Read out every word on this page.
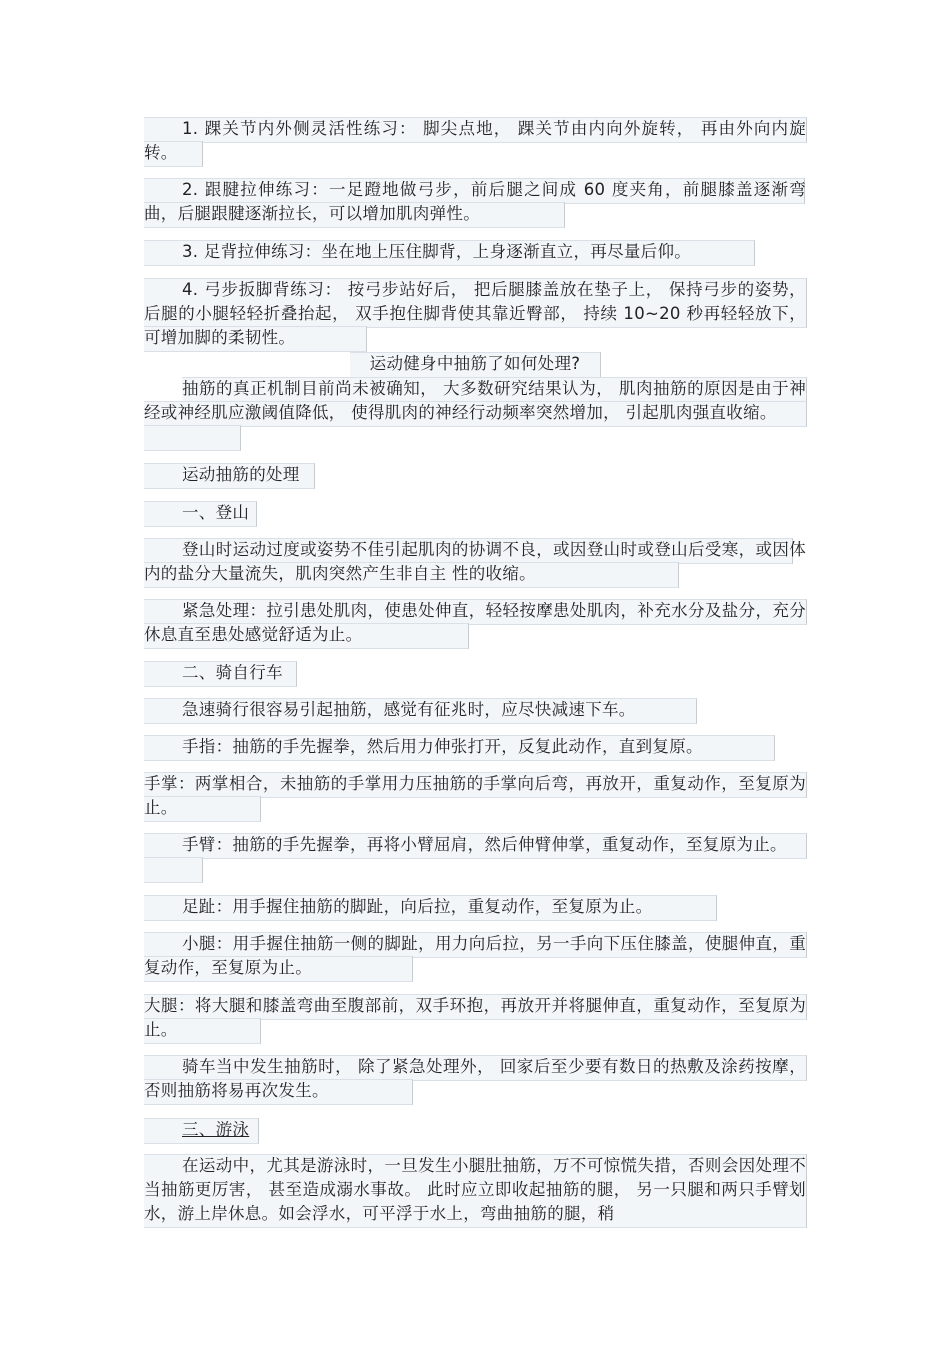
1. 踝关节内外侧灵活性练习： 脚尖点地， 踝关节由内向外旋转， 再由外向内旋转。
2. 跟腱拉伸练习：一足蹬地做弓步，前后腿之间成 60 度夹角，前腿膝盖逐渐弯曲，后腿跟腱逐渐拉长，可以增加肌肉弹性。
3. 足背拉伸练习：坐在地上压住脚背，上身逐渐直立，再尽量后仰。
4. 弓步扳脚背练习： 按弓步站好后， 把后腿膝盖放在垫子上， 保持弓步的姿势，后腿的小腿轻轻折叠抬起， 双手抱住脚背使其靠近臀部， 持续 10~20 秒再轻轻放下，可增加脚的柔韧性。
运动健身中抽筋了如何处理?
抽筋的真正机制目前尚未被确知， 大多数研究结果认为， 肌肉抽筋的原因是由于神经或神经肌应激阈值降低， 使得肌肉的神经行动频率突然增加， 引起肌肉强直收缩。
运动抽筋的处理
一、登山
登山时运动过度或姿势不佳引起肌肉的协调不良，或因登山时或登山后受寒，或因体内的盐分大量流失，肌肉突然产生非自主 性的收缩。
紧急处理：拉引患处肌肉，使患处伸直，轻轻按摩患处肌肉，补充水分及盐分，充分休息直至患处感觉舒适为止。
二、骑自行车
急速骑行很容易引起抽筋，感觉有征兆时，应尽快减速下车。
手指：抽筋的手先握拳，然后用力伸张打开，反复此动作，直到复原。
手掌：两掌相合，未抽筋的手掌用力压抽筋的手掌向后弯，再放开，重复动作，至复原为止。
手臂：抽筋的手先握拳，再将小臂屈肩，然后伸臂伸掌，重复动作，至复原为止。
足趾：用手握住抽筋的脚趾，向后拉，重复动作，至复原为止。
小腿：用手握住抽筋一侧的脚趾，用力向后拉，另一手向下压住膝盖，使腿伸直，重复动作，至复原为止。
大腿：将大腿和膝盖弯曲至腹部前，双手环抱，再放开并将腿伸直，重复动作，至复原为止。
骑车当中发生抽筋时， 除了紧急处理外， 回家后至少要有数日的热敷及涂药按摩，否则抽筋将易再次发生。
三、游泳
在运动中，尤其是游泳时，一旦发生小腿肚抽筋，万不可惊慌失措，否则会因处理不当抽筋更厉害， 甚至造成溺水事故。 此时应立即收起抽筋的腿， 另一只腿和两只手臂划水，游上岸休息。如会浮水，可平浮于水上，弯曲抽筋的腿，稍
